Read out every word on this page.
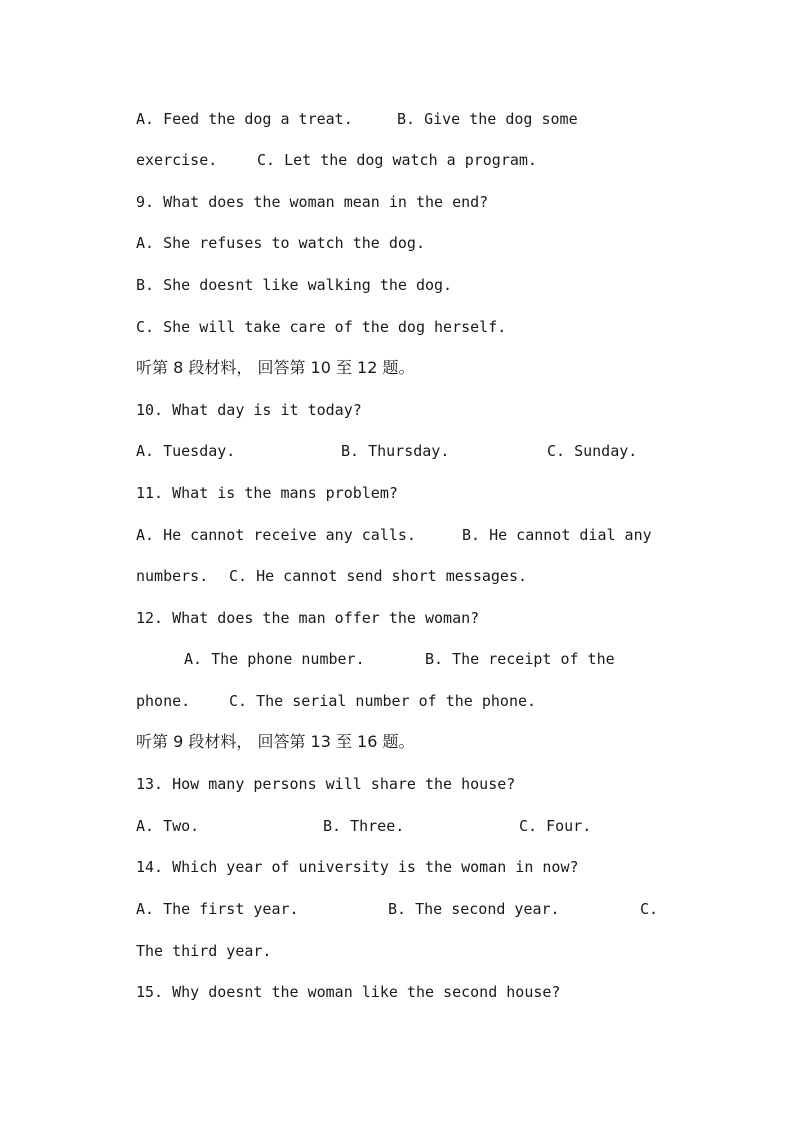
A. Feed the dog a treat.	B. Give the dog some
exercise.	C. Let the dog watch a program.
9. What does the woman mean in the end?
A. She refuses to watch the dog.
B. She doesnt like walking the dog.
C. She will take care of the dog herself.
听第 8 段材料， 回答第 10 至 12 题。
10. What day is it today?
A. Tuesday.	B. Thursday.	C. Sunday.
11. What is the mans problem?
A. He cannot receive any calls.	B. He cannot dial any
numbers. C. He cannot send short messages.
12. What does the man offer the woman?
A. The phone number.	B. The receipt of the
phone.	C. The serial number of the phone.
听第 9 段材料， 回答第 13 至 16 题。
13. How many persons will share the house?
A. Two.	B. Three.	C. Four.
14. Which year of university is the woman in now?
A. The first year.	B. The second year.	C.
The third year.
15. Why doesnt the woman like the second house?
